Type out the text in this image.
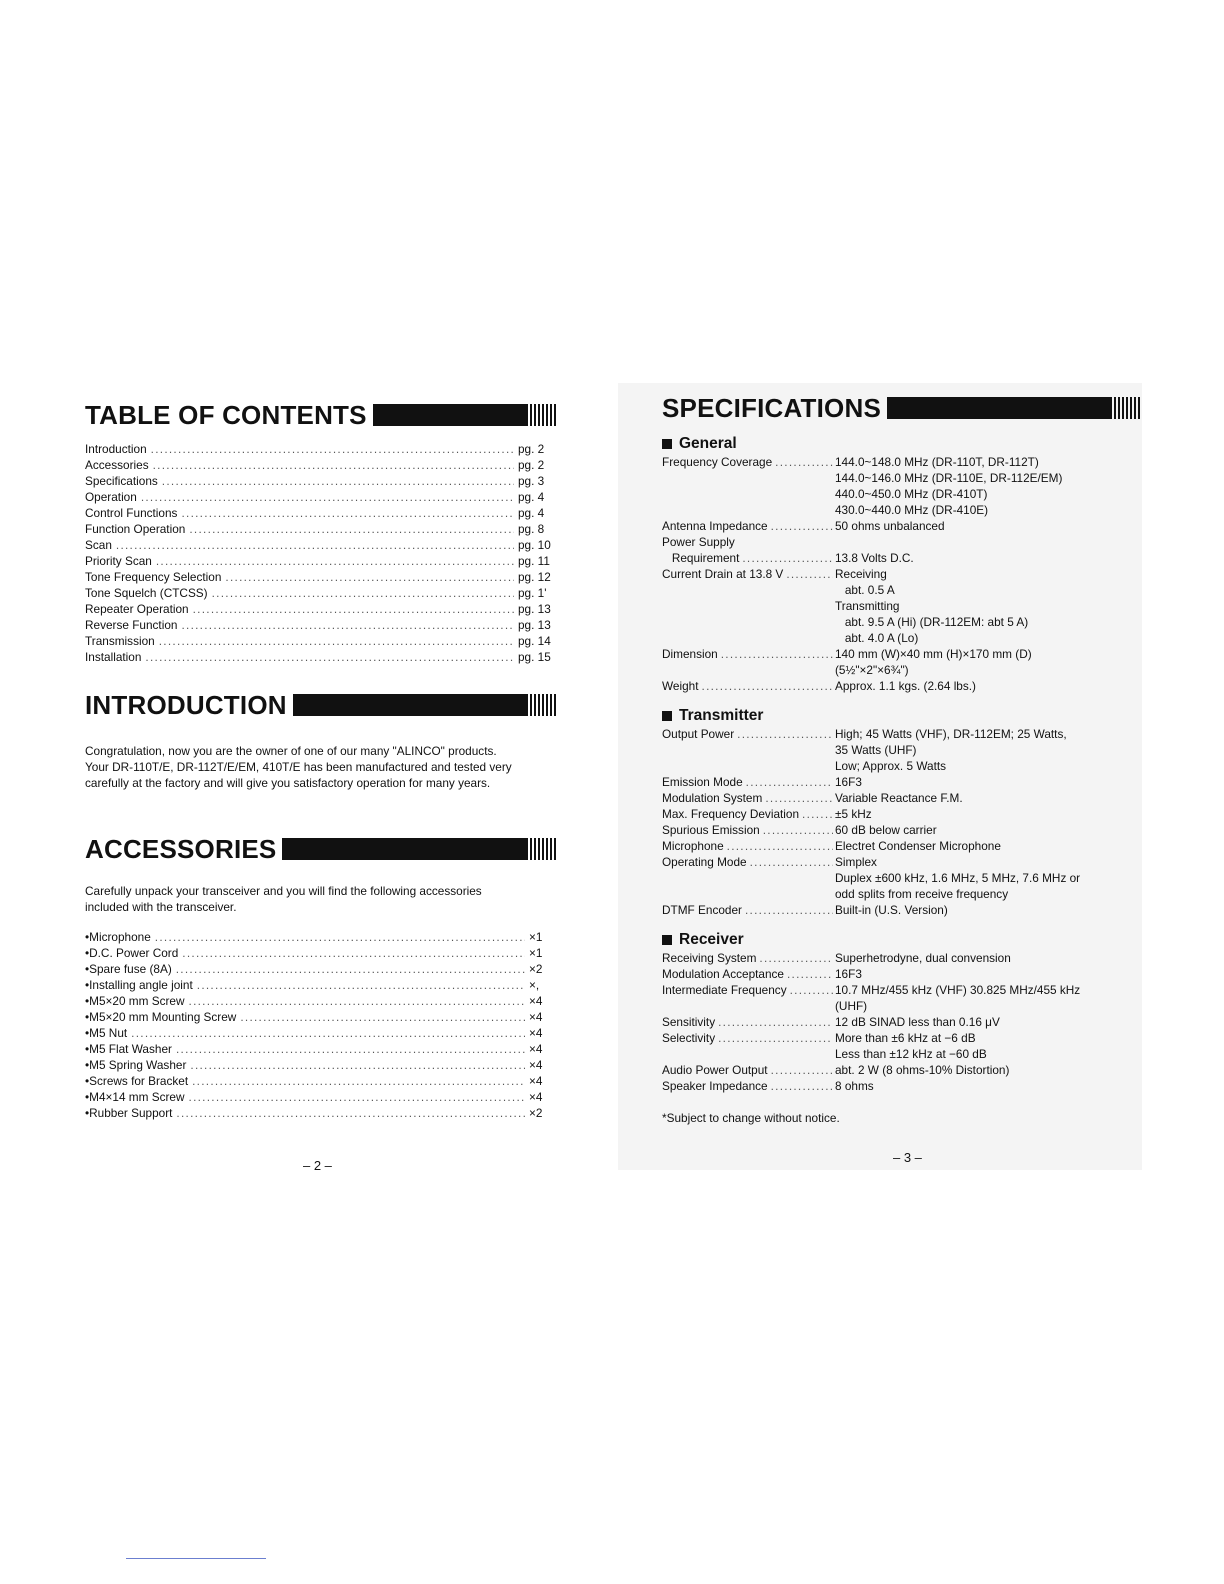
TABLE OF CONTENTS
Introduction . . .	pg. 2
Accessories . . .	pg. 2
Specifications . . .	pg. 3
Operation . . .	pg. 4
Control Functions . . .	pg. 4
Function Operation . . .	pg. 8
Scan . . .	pg. 10
Priority Scan . . .	pg. 11
Tone Frequency Selection . . .	pg. 12
Tone Squelch (CTCSS) . . .	pg. 1'
Repeater Operation . . .	pg. 13
Reverse Function . . .	pg. 13
Transmission . . .	pg. 14
Installation . . .	pg. 15
INTRODUCTION
Congratulation, now you are the owner of one of our many "ALINCO" products.
Your DR-110T/E, DR-112T/E/EM, 410T/E has been manufactured and tested very
carefully at the factory and will give you satisfactory operation for many years.
ACCESSORIES
Carefully unpack your transceiver and you will find the following accessories
included with the transceiver.
•Microphone . . .	×1
•D.C. Power Cord . . .	×1
•Spare fuse (8A) . . .	×2
•Installing angle joint . . .	×,
•M5×20 mm Screw . . .	×4
•M5×20 mm Mounting Screw . . .	×4
•M5 Nut . . .	×4
•M5 Flat Washer . . .	×4
•M5 Spring Washer . . .	×4
•Screws for Bracket . . .	×4
•M4×14 mm Screw . . .	×4
•Rubber Support . . .	×2
– 2 –
SPECIFICATIONS
General
Frequency Coverage . . .	144.0~148.0 MHz (DR-110T, DR-112T)
144.0~146.0 MHz (DR-110E, DR-112E/EM)
440.0~450.0 MHz (DR-410T)
430.0~440.0 MHz (DR-410E)
Antenna Impedance . . .	50 ohms unbalanced
Power Supply
Requirement . . .	13.8 Volts D.C.
Current Drain at 13.8 V . . .	Receiving
abt. 0.5 A
Transmitting
abt. 9.5 A (Hi) (DR-112EM: abt 5 A)
abt. 4.0 A (Lo)
Dimension . . .	140 mm (W)×40 mm (H)×170 mm (D)
(5½"×2"×6¾")
Weight . . .	Approx. 1.1 kgs. (2.64 lbs.)
Transmitter
Output Power . . .	High; 45 Watts (VHF), DR-112EM; 25 Watts,
35 Watts (UHF)
Low; Approx. 5 Watts
Emission Mode . . .	16F3
Modulation System . . .	Variable Reactance F.M.
Max. Frequency Deviation . . .	±5 kHz
Spurious Emission . . .	60 dB below carrier
Microphone . . .	Electret Condenser Microphone
Operating Mode . . .	Simplex
Duplex ±600 kHz, 1.6 MHz, 5 MHz, 7.6 MHz or
odd splits from receive frequency
DTMF Encoder . . .	Built-in (U.S. Version)
Receiver
Receiving System . . .	Superhetrodyne, dual convension
Modulation Acceptance . . .	16F3
Intermediate Frequency . . .	10.7 MHz/455 kHz (VHF) 30.825 MHz/455 kHz
(UHF)
Sensitivity . . .	12 dB SINAD less than 0.16 μV
Selectivity . . .	More than ±6 kHz at −6 dB
Less than ±12 kHz at −60 dB
Audio Power Output . . .	abt. 2 W (8 ohms-10% Distortion)
Speaker Impedance . . .	8 ohms
*Subject to change without notice.
– 3 –
